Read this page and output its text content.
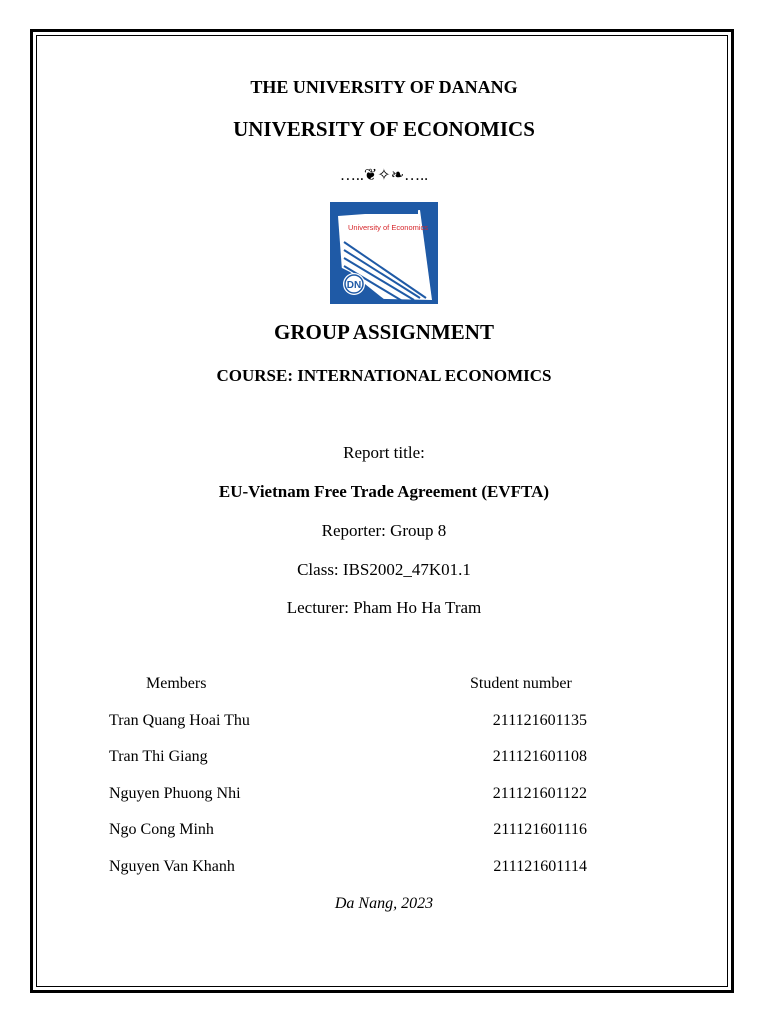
THE UNIVERSITY OF DANANG
UNIVERSITY OF ECONOMICS
…..❦✧❧…..
University of Economics
DN
GROUP ASSIGNMENT
COURSE: INTERNATIONAL ECONOMICS
Report title:
EU-Vietnam Free Trade Agreement (EVFTA)
Reporter: Group 8
Class: IBS2002_47K01.1
Lecturer: Pham Ho Ha Tram
Members	Student number
Tran Quang Hoai Thu	211121601135
Tran Thi Giang	211121601108
Nguyen Phuong Nhi	211121601122
Ngo Cong Minh	211121601116
Nguyen Van Khanh	211121601114
Da Nang, 2023
